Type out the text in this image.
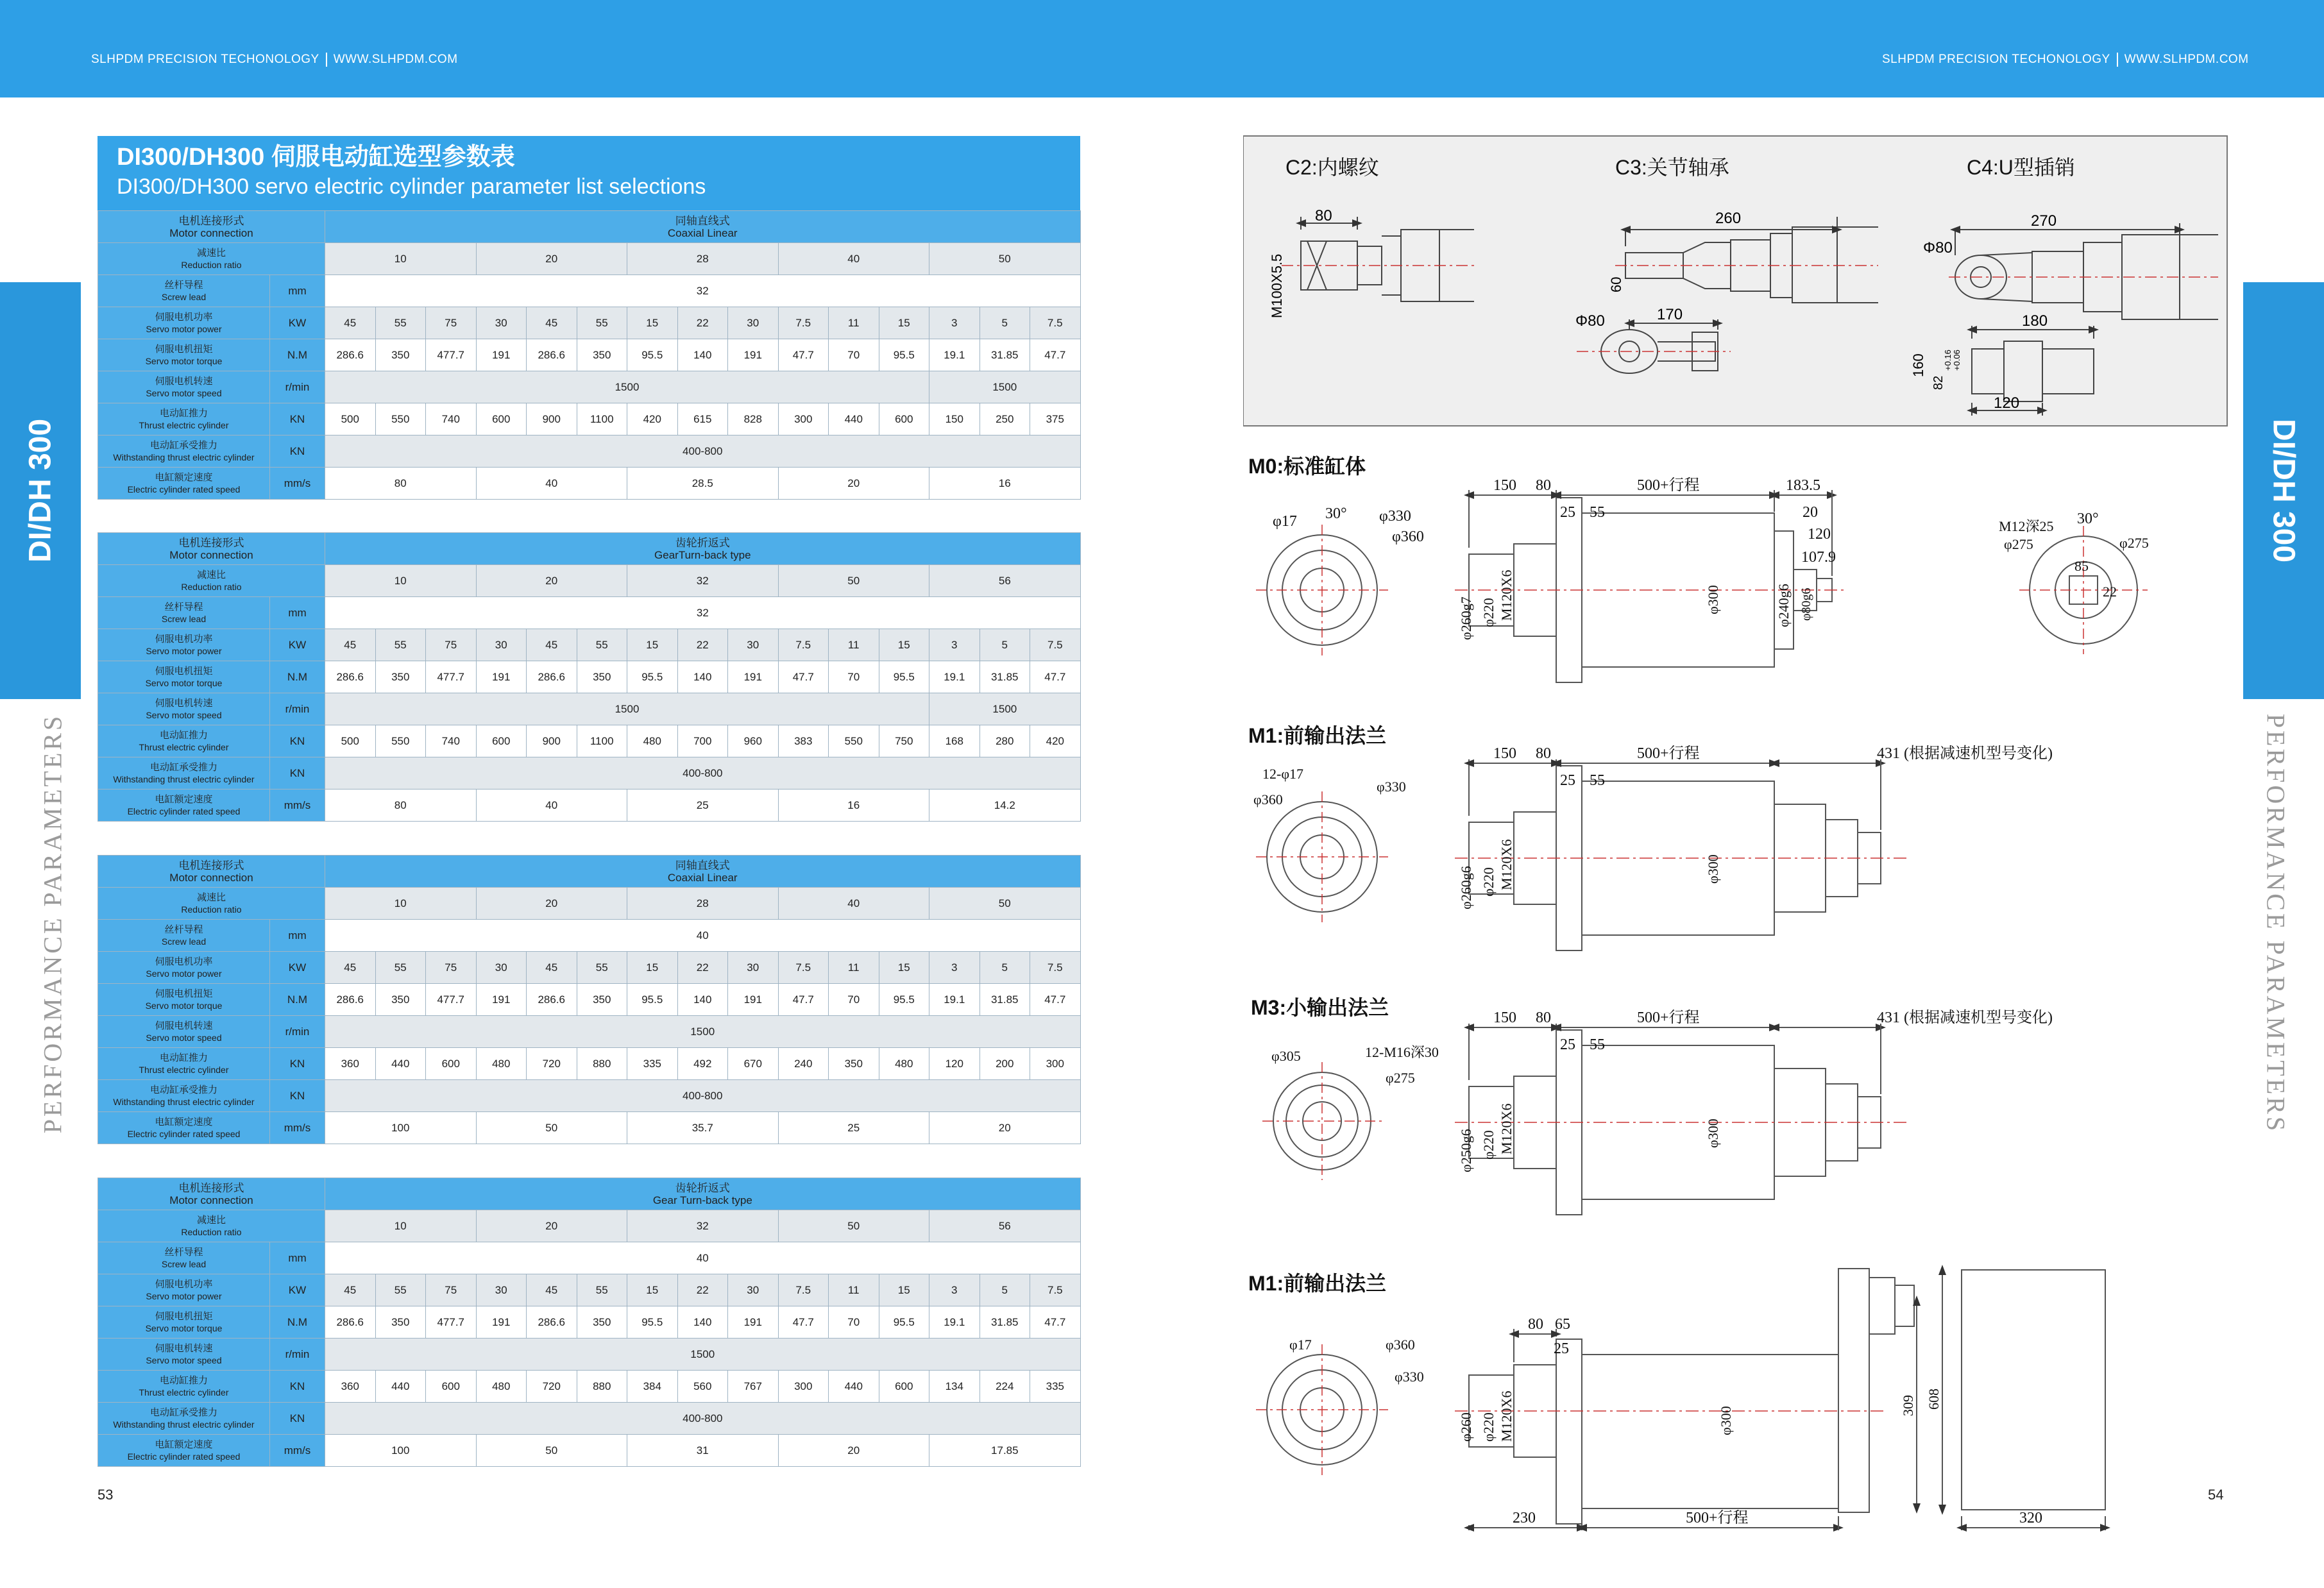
SLHPDM PRECISION TECHONOLOGY WWW.SLHPDM.COM	SLHPDM PRECISION TECHONOLOGY WWW.SLHPDM.COM
DI/DH 300
PERFORMANCE PARAMETERS
DI/DH 300
PERFORMANCE PARAMETERS
DI300/DH300 伺服电动缸选型参数表
DI300/DH300 servo electric cylinder parameter list selections
电机连接形式
Motor connection		同轴直线式
Coaxial Linear														

减速比
Reduction ratio		10			20			28			40			50		

丝杆导程
Screw lead	mm	32														

伺服电机功率
Servo motor power	KW	45	55	75	30	45	55	15	22	30	7.5	11	15	3	5	7.5

伺服电机扭矩
Servo motor torque	N.M	286.6	350	477.7	191	286.6	350	95.5	140	191	47.7	70	95.5	19.1	31.85	47.7

伺服电机转速
Servo motor speed	r/min	1500												1500		

电动缸推力
Thrust electric cylinder	KN	500	550	740	600	900	1100	420	615	828	300	440	600	150	250	375

电动缸承受推力
Withstanding thrust electric cylinder	KN	400-800														

电缸额定速度
Electric cylinder rated speed	mm/s	80			40			28.5			20			16		
电机连接形式
Motor connection		齿轮折返式
GearTurn-back type														

减速比
Reduction ratio		10			20			32			50			56		

丝杆导程
Screw lead	mm	32														

伺服电机功率
Servo motor power	KW	45	55	75	30	45	55	15	22	30	7.5	11	15	3	5	7.5

伺服电机扭矩
Servo motor torque	N.M	286.6	350	477.7	191	286.6	350	95.5	140	191	47.7	70	95.5	19.1	31.85	47.7

伺服电机转速
Servo motor speed	r/min	1500												1500		

电动缸推力
Thrust electric cylinder	KN	500	550	740	600	900	1100	480	700	960	383	550	750	168	280	420

电动缸承受推力
Withstanding thrust electric cylinder	KN	400-800														

电缸额定速度
Electric cylinder rated speed	mm/s	80			40			25			16			14.2		
电机连接形式
Motor connection		同轴直线式
Coaxial Linear														

减速比
Reduction ratio		10			20			28			40			50		

丝杆导程
Screw lead	mm	40														

伺服电机功率
Servo motor power	KW	45	55	75	30	45	55	15	22	30	7.5	11	15	3	5	7.5

伺服电机扭矩
Servo motor torque	N.M	286.6	350	477.7	191	286.6	350	95.5	140	191	47.7	70	95.5	19.1	31.85	47.7

伺服电机转速
Servo motor speed	r/min	1500														

电动缸推力
Thrust electric cylinder	KN	360	440	600	480	720	880	335	492	670	240	350	480	120	200	300

电动缸承受推力
Withstanding thrust electric cylinder	KN	400-800														

电缸额定速度
Electric cylinder rated speed	mm/s	100			50			35.7			25			20		
电机连接形式
Motor connection		齿轮折返式
Gear Turn-back type														

减速比
Reduction ratio		10			20			32			50			56		

丝杆导程
Screw lead	mm	40														

伺服电机功率
Servo motor power	KW	45	55	75	30	45	55	15	22	30	7.5	11	15	3	5	7.5

伺服电机扭矩
Servo motor torque	N.M	286.6	350	477.7	191	286.6	350	95.5	140	191	47.7	70	95.5	19.1	31.85	47.7

伺服电机转速
Servo motor speed	r/min	1500														

电动缸推力
Thrust electric cylinder	KN	360	440	600	480	720	880	384	560	767	300	440	600	134	224	335

电动缸承受推力
Withstanding thrust electric cylinder	KN	400-800														

电缸额定速度
Electric cylinder rated speed	mm/s	100			50			31			20			17.85		
53	54
C2:内螺纹
80
M100X5.5
C3:关节轴承
260
60
170
Φ80
C4:U型插销
270
Φ80
180
160
82
+0.16 +0.06
120
M0:标准缸体
φ17 30° φ330
φ360
150 80	500+行程	183.5
25 55	20
120
107.9
φ260g7 M120X6
φ220	φ300	φ240g6 φ80g6
M12深25 30°
φ275	φ275
85
22
M1:前输出法兰
150 80	500+行程	431 (根据减速机型号变化)
12-φ17
φ330
φ360
25 55
φ260g6 M120X6
φ220	φ300
M3:小输出法兰	150 80	500+行程	431 (根据减速机型号变化)
φ305	12-M16深30
φ275
25 55
φ250g6 M120X6
φ220	φ300
M1:前输出法兰
φ17	φ360
φ330
80 65
25
φ260 M120X6
φ220	φ300
309 608
230	500+行程	320
